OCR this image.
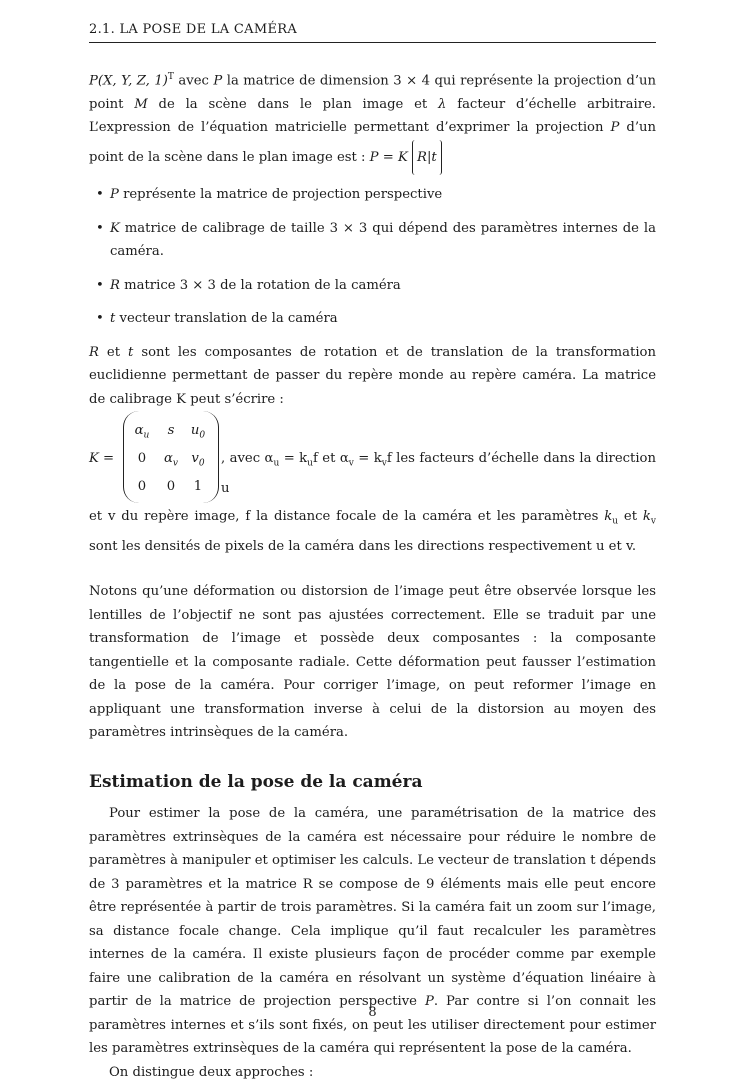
2.1. LA POSE DE LA CAMÉRA

P(X, Y, Z, 1)$^T$ avec P la matrice de dimension 3 × 4 qui représente la projection d’un point M de la scène dans le plan image et λ facteur d’échelle arbitraire. L’expression de l’équation matricielle permettant d’exprimer la projection P d’un point de la scène dans le plan image est : P = K R|t

• P représente la matrice de projection perspective
• K matrice de calibrage de taille 3 × 3 qui dépend des paramètres internes de la caméra.
• R matrice 3 × 3 de la rotation de la caméra
• t vecteur translation de la caméra

R et t sont les composantes de rotation et de translation de la transformation euclidienne permettant de passer du repère monde au repère caméra. La matrice de calibrage K peut s’écrire :

K =
$\alpha_u$	s	$u_0$
0	$\alpha_v$	$v_0$
0	0	1
, avec $\alpha_u = k_uf$ et $\alpha_v = k_vf$ les facteurs d’échelle dans la direction u

et v du repère image, f la distance focale de la caméra et les paramètres $k_u$ et $k_v$ sont les densités de pixels de la caméra dans les directions respectivement u et v.

Notons qu’une déformation ou distorsion de l’image peut être observée lorsque les lentilles de l’objectif ne sont pas ajustées correctement. Elle se traduit par une transformation de l’image et possède deux composantes : la composante tangentielle et la composante radiale. Cette déformation peut fausser l’estimation de la pose de la caméra. Pour corriger l’image, on peut reformer l’image en appliquant une transformation inverse à celui de la distorsion au moyen des paramètres intrinsèques de la caméra.

Estimation de la pose de la caméra

Pour estimer la pose de la caméra, une paramétrisation de la matrice des paramètres extrinsèques de la caméra est nécessaire pour réduire le nombre de paramètres à manipuler et optimiser les calculs. Le vecteur de translation t dépends de 3 paramètres et la matrice R se compose de 9 éléments mais elle peut encore être représentée à partir de trois paramètres. Si la caméra fait un zoom sur l’image, sa distance focale change. Cela implique qu’il faut recalculer les paramètres internes de la caméra. Il existe plusieurs façon de procéder comme par exemple faire une calibration de la caméra en résolvant un système d’équation linéaire à partir de la matrice de projection perspective P. Par contre si l’on connait les paramètres internes et s’ils sont fixés, on peut les utiliser directement pour estimer les paramètres extrinsèques de la caméra qui représentent la pose de la caméra.

On distingue deux approches :

8
